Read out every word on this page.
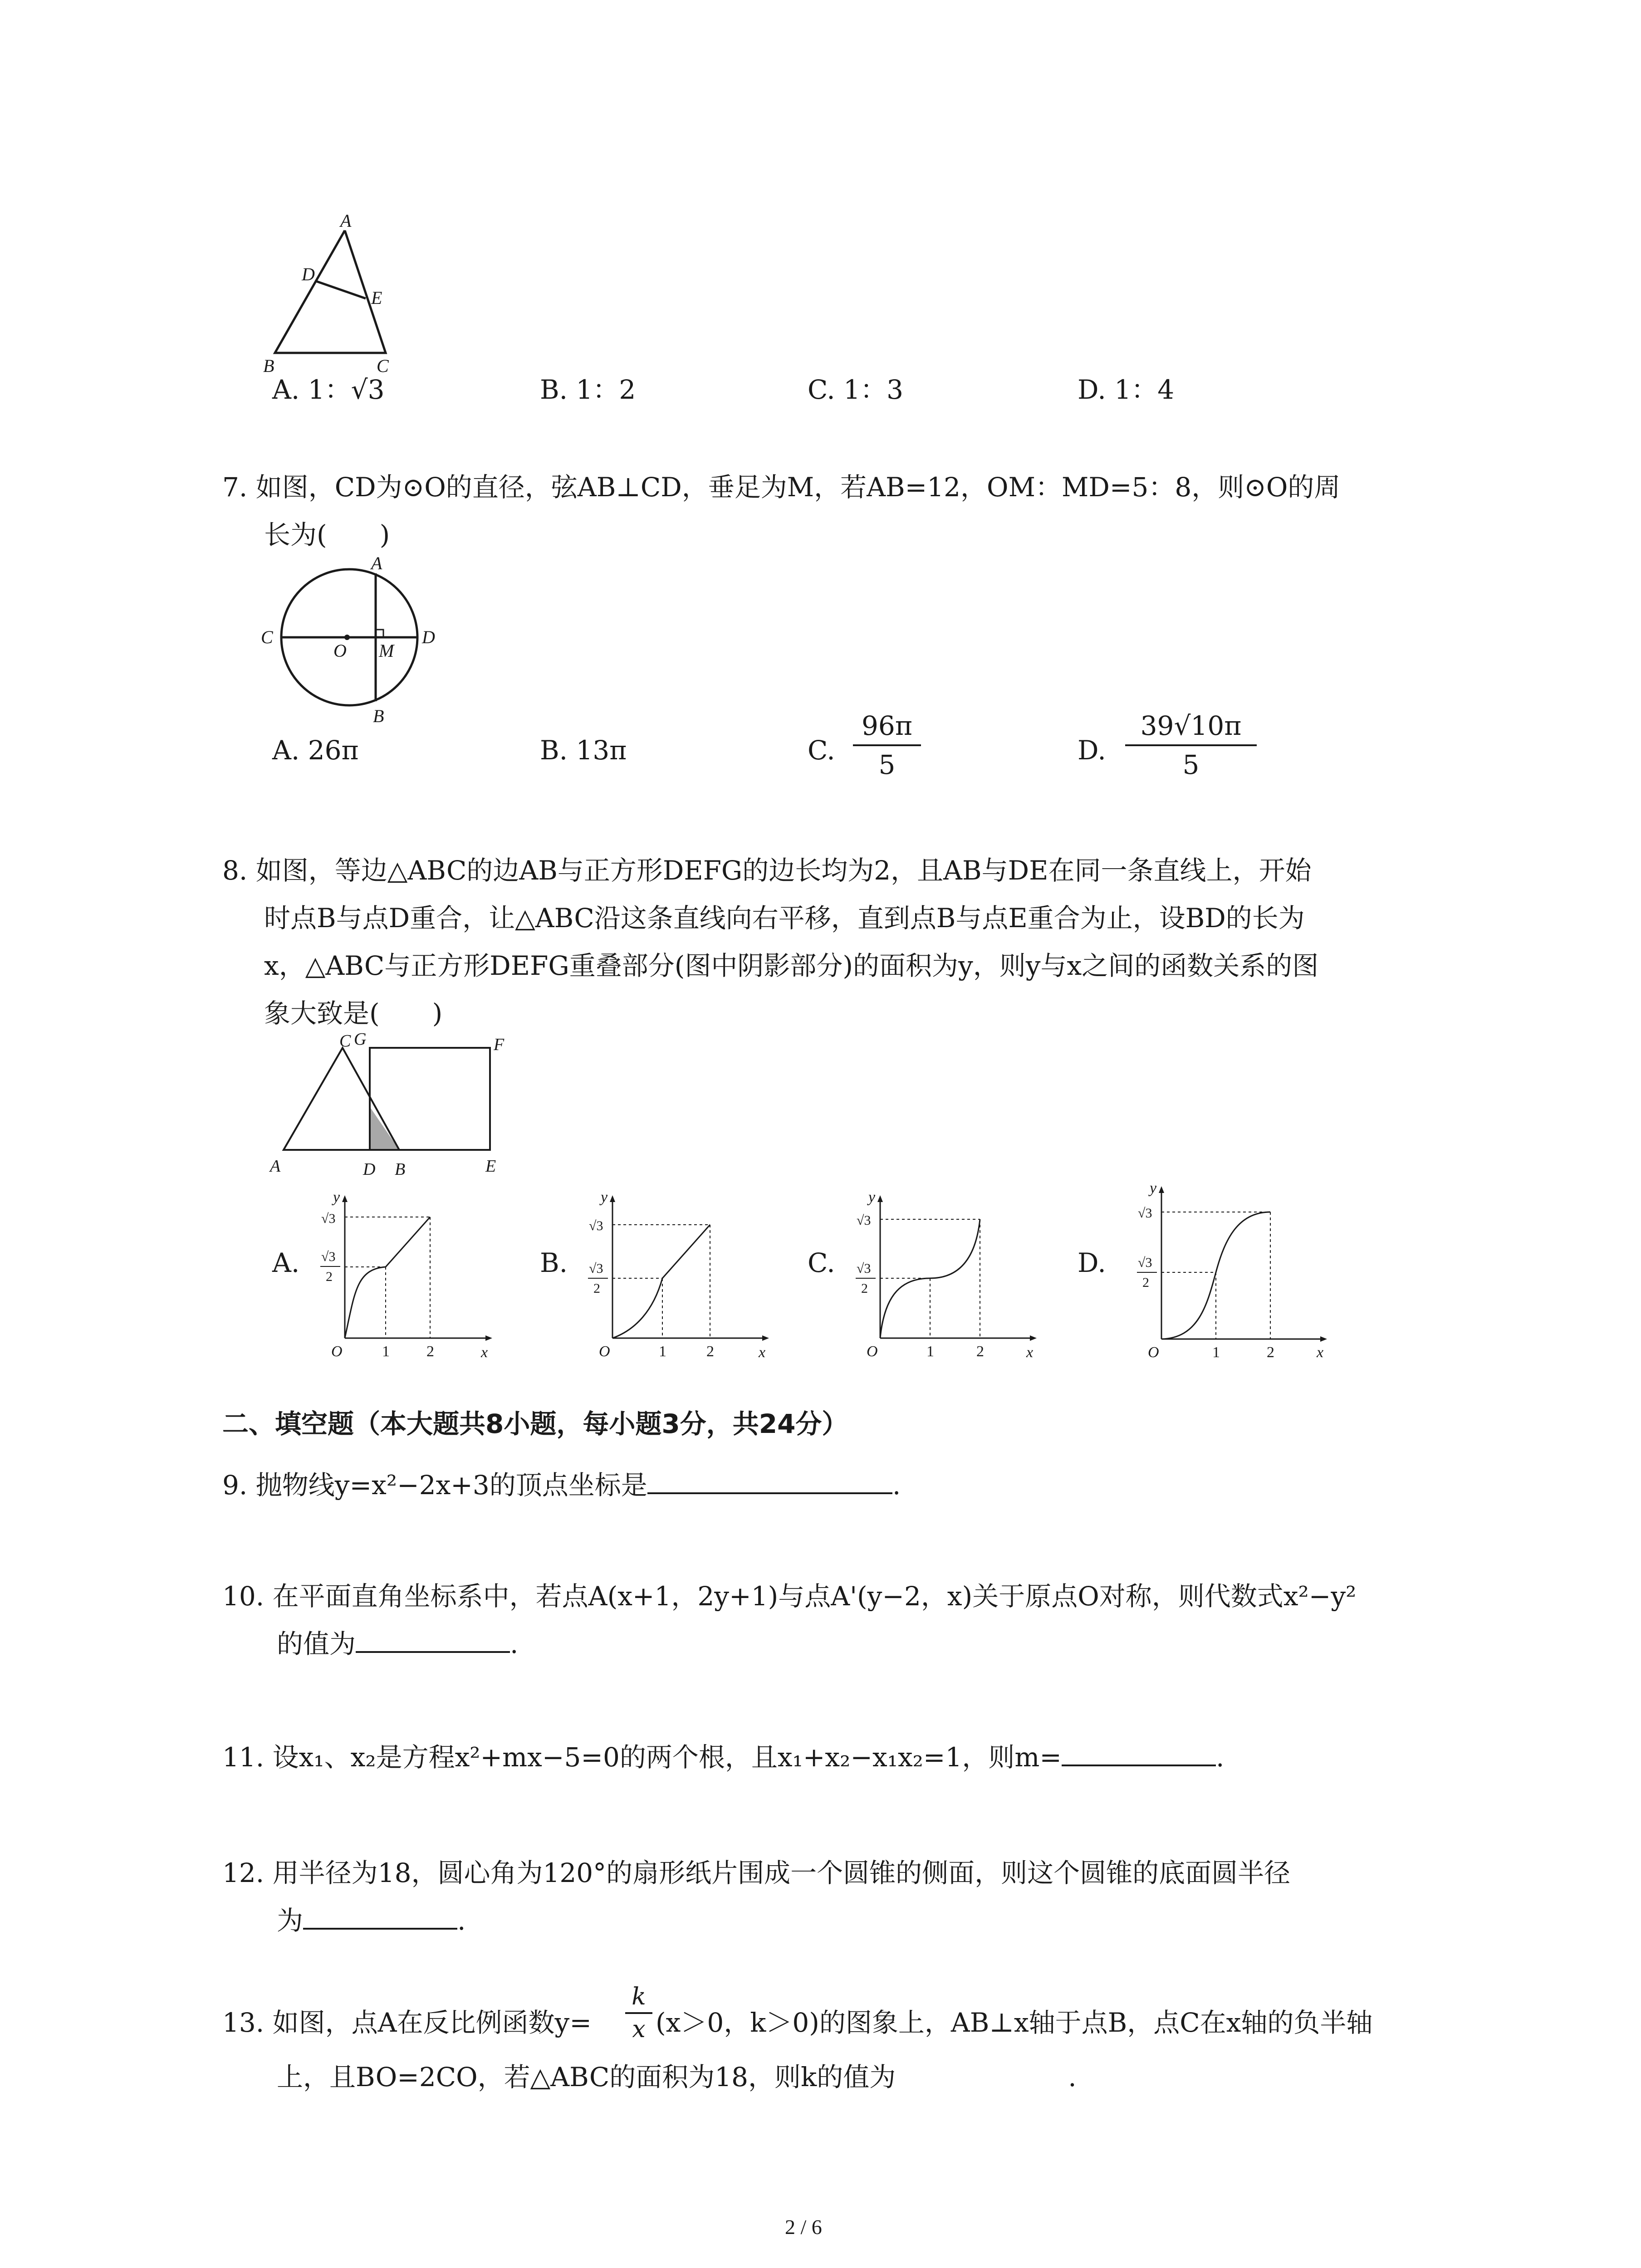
A
D
E
B	C
A. 1：√3	B. 1：2	C. 1：3	D. 1：4
7. 如图，CD为⊙O的直径，弦AB⊥CD，垂足为M，若AB=12，OM：MD=5：8，则⊙O的周
长为(　　)
A
C
O M
D
B
A. 26π	B. 13π	C.
96π
5	D.
39√10π
5
8. 如图，等边△ABC的边AB与正方形DEFG的边长均为2，且AB与DE在同一条直线上，开始
时点B与点D重合，让△ABC沿这条直线向右平移，直到点B与点E重合为止，设BD的长为
x，△ABC与正方形DEFG重叠部分(图中阴影部分)的面积为y，则y与x之间的函数关系的图
象大致是(　　)
C G	F
A	D B	E
A.	B.	C.	D.
y
x
O	1 2
√3
√3
2
y
x
O	1	2
√3
√3
2
y
x
O	1	2
√3
√3
2
y
x
O	1	2
√3
√3
2
二、填空题（本大题共8小题，每小题3分，共24分）
9. 抛物线y=x²−2x+3的顶点坐标是	.
10. 在平面直角坐标系中，若点A(x+1，2y+1)与点A'(y−2，x)关于原点O对称，则代数式x²−y²
的值为	.
11. 设x₁、x₂是方程x²+mx−5=0的两个根，且x₁+x₂−x₁x₂=1，则m=	.
12. 用半径为18，圆心角为120°的扇形纸片围成一个圆锥的侧面，则这个圆锥的底面圆半径
为	.
13. 如图，点A在反比例函数y=
k
x (x＞0，k＞0)的图象上，AB⊥x轴于点B，点C在x轴的负半轴
上，且BO=2CO，若△ABC的面积为18，则k的值为	.
2 / 6
